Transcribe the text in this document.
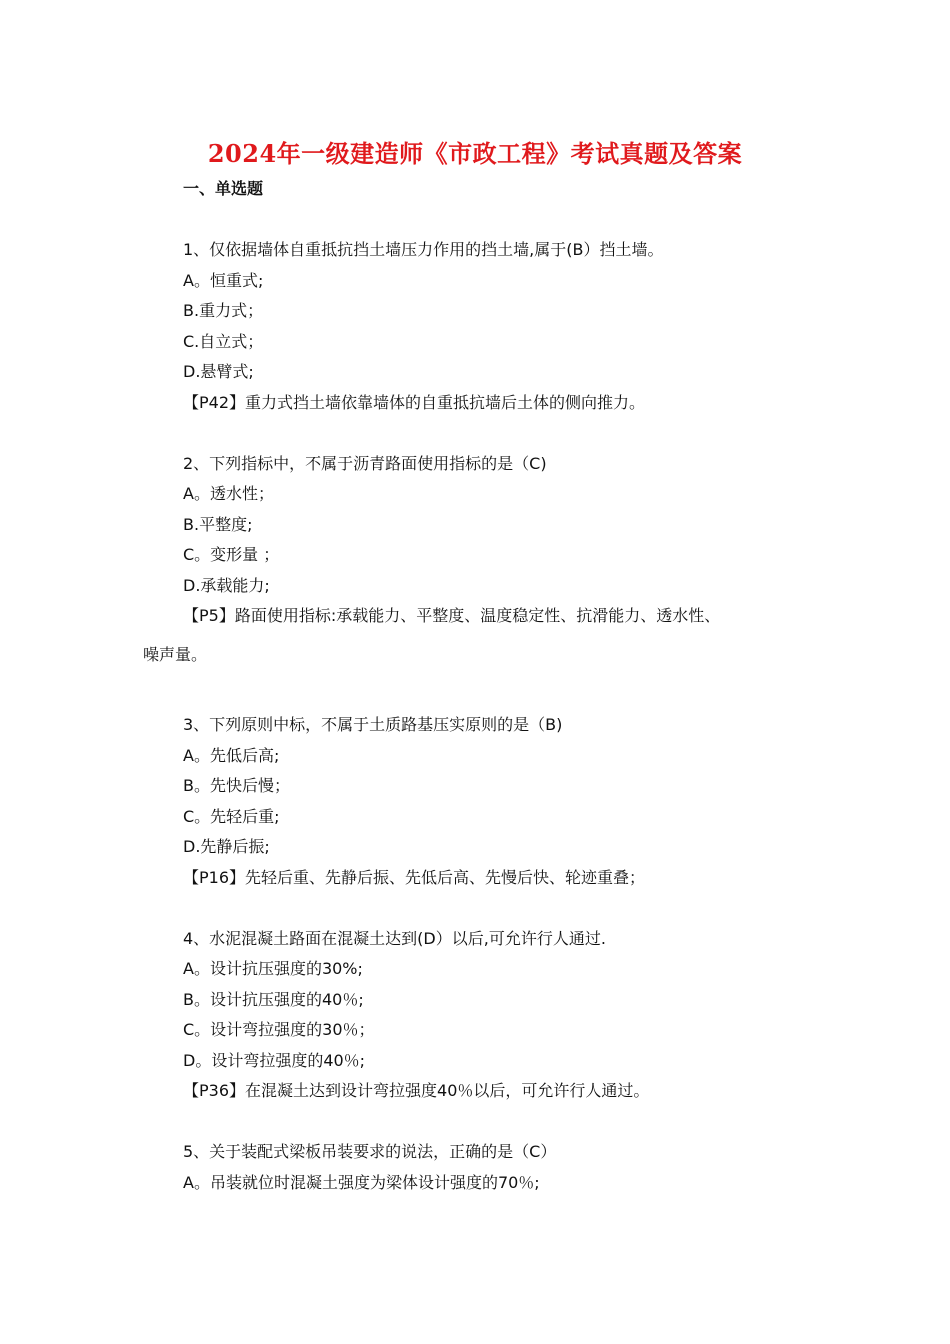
2024年一级建造师《市政工程》考试真题及答案
一、单选题
1、仅依据墙体自重抵抗挡土墙压力作用的挡土墙,属于(B）挡土墙。
A。恒重式;
B.重力式；
C.自立式；
D.悬臂式;
【P42】重力式挡土墙依靠墙体的自重抵抗墙后土体的侧向推力。
2、下列指标中，不属于沥青路面使用指标的是（C)
A。透水性；
B.平整度;
C。变形量 ；
D.承载能力;
【P5】路面使用指标:承载能力、平整度、温度稳定性、抗滑能力、透水性、
噪声量。
3、下列原则中标，不属于土质路基压实原则的是（B)
A。先低后高;
B。先快后慢；
C。先轻后重;
D.先静后振;
【P16】先轻后重、先静后振、先低后高、先慢后快、轮迹重叠；
4、水泥混凝土路面在混凝土达到(D）以后,可允许行人通过.
A。设计抗压强度的30%;
B。设计抗压强度的40％;
C。设计弯拉强度的30％；
D。设计弯拉强度的40％;
【P36】在混凝土达到设计弯拉强度40％以后，可允许行人通过。
5、关于装配式梁板吊装要求的说法，正确的是（C）
A。吊装就位时混凝土强度为梁体设计强度的70％;
